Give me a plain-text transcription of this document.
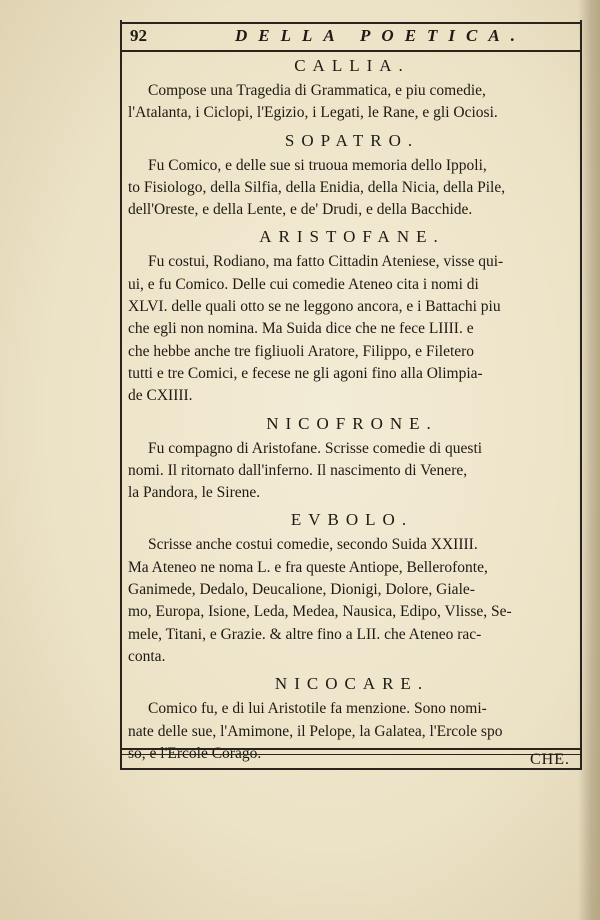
92	DELLA POETICA.
CALLIA.

Compose una Tragedia di Grammatica, e piu comedie,

l'Atalanta, i Ciclopi, l'Egizio, i Legati, le Rane, e gli Ociosi.

SOPATRO.

Fu Comico, e delle sue si truoua memoria dello Ippoli,

to Fisiologo, della Silfia, della Enidia, della Nicia, della Pile,

dell'Oreste, e della Lente, e de' Drudi, e della Bacchide.

ARISTOFANE.

Fu costui, Rodiano, ma fatto Cittadin Ateniese, visse qui-

ui, e fu Comico. Delle cui comedie Ateneo cita i nomi di

XLVI. delle quali otto se ne leggono ancora, e i Battachi piu

che egli non nomina. Ma Suida dice che ne fece LIIII. e

che hebbe anche tre figliuoli Aratore, Filippo, e Filetero

tutti e tre Comici, e fecese ne gli agoni fino alla Olimpia-

de CXIIII.

NICOFRONE.

Fu compagno di Aristofane. Scrisse comedie di questi

nomi. Il ritornato dall'inferno. Il nascimento di Venere,

la Pandora, le Sirene.

EVBOLO.

Scrisse anche costui comedie, secondo Suida XXIIII.

Ma Ateneo ne noma L. e fra queste Antiope, Bellerofonte,

Ganimede, Dedalo, Deucalione, Dionigi, Dolore, Giale-

mo, Europa, Isione, Leda, Medea, Nausica, Edipo, Vlisse, Se-

mele, Titani, e Grazie. & altre fino a LII. che Ateneo rac-

conta.

NICOCARE.

Comico fu, e di lui Aristotile fa menzione. Sono nomi-

nate delle sue, l'Amimone, il Pelope, la Galatea, l'Ercole spo

so, e l'Ercole Corago.	CHE.
